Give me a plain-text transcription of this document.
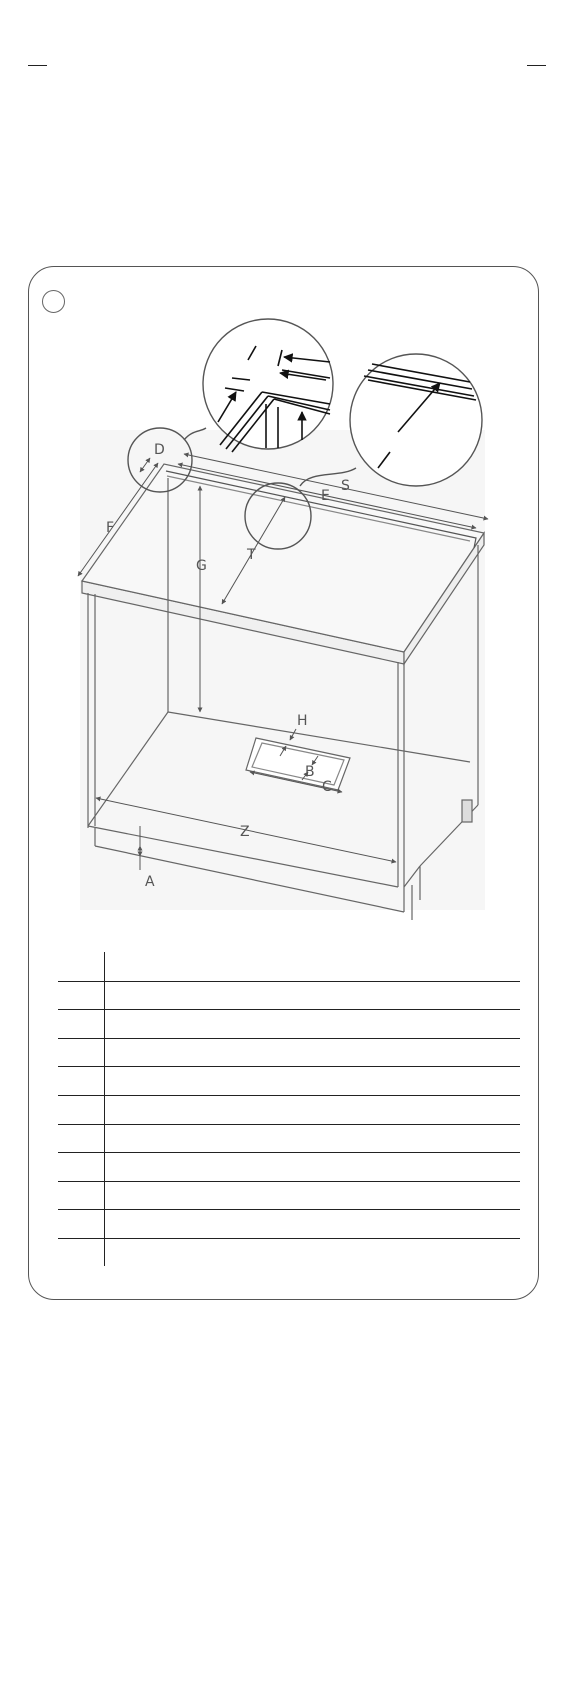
D
S
E
F
G
T
H
B
C
Z
A
